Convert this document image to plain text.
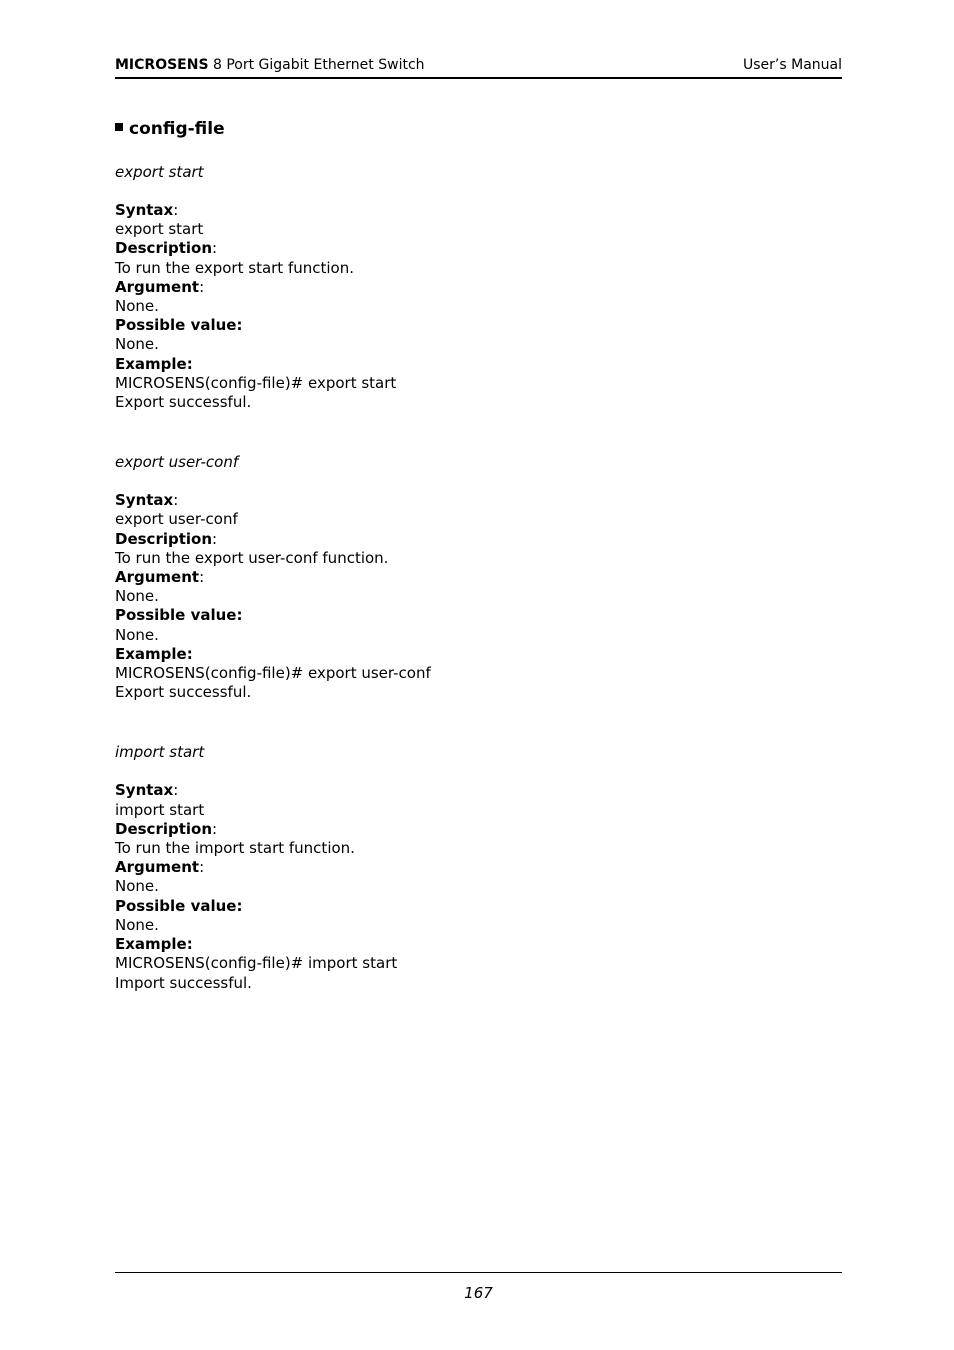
MICROSENS 8 Port Gigabit Ethernet Switch	User’s Manual
config-file

export start

Syntax:

export start

Description:

To run the export start function.

Argument:

None.

Possible value:

None.

Example:

MICROSENS(config-file)# export start

Export successful.

export user-conf

Syntax:

export user-conf

Description:

To run the export user-conf function.

Argument:

None.

Possible value:

None.

Example:

MICROSENS(config-file)# export user-conf

Export successful.

import start

Syntax:

import start

Description:

To run the import start function.

Argument:

None.

Possible value:

None.

Example:

MICROSENS(config-file)# import start

Import successful.

167
